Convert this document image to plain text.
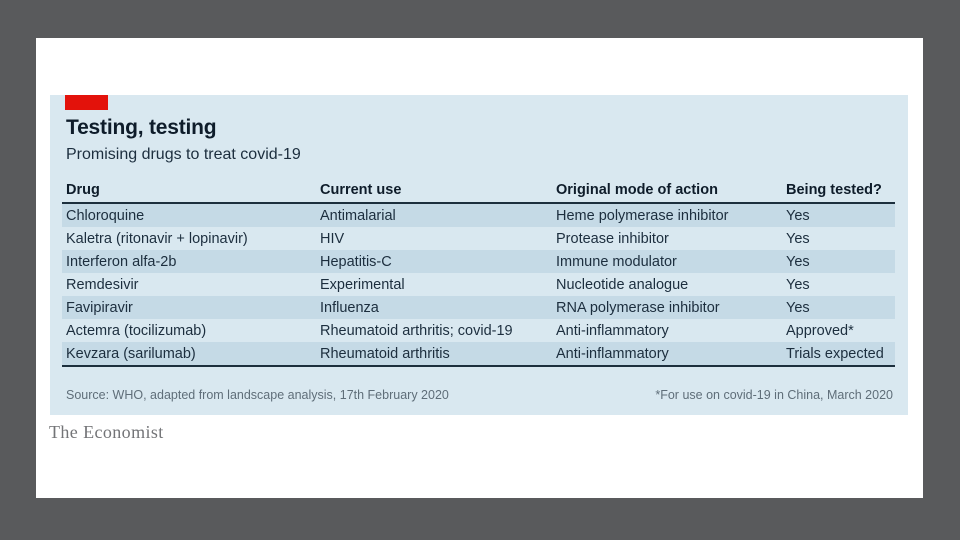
Testing, testing
Promising drugs to treat covid-19
Drug	Current use	Original mode of action	Being tested?
Chloroquine	Antimalarial	Heme polymerase inhibitor	Yes
Kaletra (ritonavir + lopinavir)	HIV	Protease inhibitor	Yes
Interferon alfa-2b	Hepatitis-C	Immune modulator	Yes
Remdesivir	Experimental	Nucleotide analogue	Yes
Favipiravir	Influenza	RNA polymerase inhibitor	Yes
Actemra (tocilizumab)	Rheumatoid arthritis; covid-19	Anti-inflammatory	Approved*
Kevzara (sarilumab)	Rheumatoid arthritis	Anti-inflammatory	Trials expected
Source: WHO, adapted from landscape analysis, 17th February 2020	*For use on covid-19 in China, March 2020
The Economist
